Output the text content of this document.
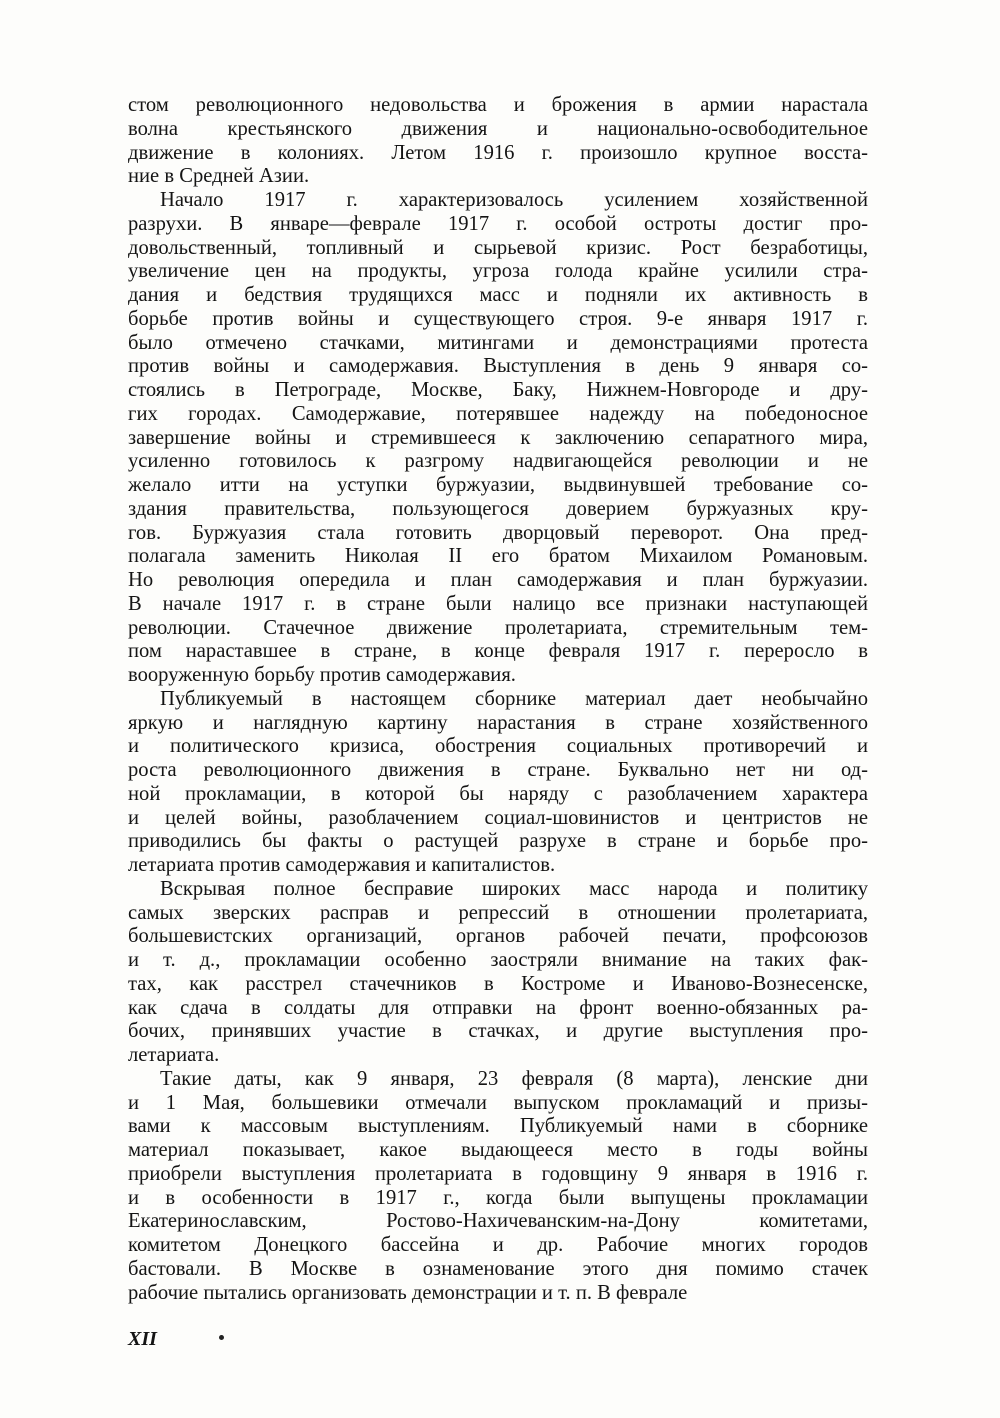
стом революционного недовольства и брожения в армии нарастала
волна крестьянского движения и национально-освободительное
движение в колониях. Летом 1916 г. произошло крупное восста-
ние в Средней Азии.
Начало 1917 г. характеризовалось усилением хозяйственной
разрухи. В январе—феврале 1917 г. особой остроты достиг про-
довольственный, топливный и сырьевой кризис. Рост безработицы,
увеличение цен на продукты, угроза голода крайне усилили стра-
дания и бедствия трудящихся масс и подняли их активность в
борьбе против войны и существующего строя. 9-е января 1917 г.
было отмечено стачками, митингами и демонстрациями протеста
против войны и самодержавия. Выступления в день 9 января со-
стоялись в Петрограде, Москве, Баку, Нижнем-Новгороде и дру-
гих городах. Самодержавие, потерявшее надежду на победоносное
завершение войны и стремившееся к заключению сепаратного мира,
усиленно готовилось к разгрому надвигающейся революции и не
желало итти на уступки буржуазии, выдвинувшей требование со-
здания правительства, пользующегося доверием буржуазных кру-
гов. Буржуазия стала готовить дворцовый переворот. Она пред-
полагала заменить Николая II его братом Михаилом Романовым.
Но революция опередила и план самодержавия и план буржуазии.
В начале 1917 г. в стране были налицо все признаки наступающей
революции. Стачечное движение пролетариата, стремительным тем-
пом нараставшее в стране, в конце февраля 1917 г. переросло в
вооруженную борьбу против самодержавия.
Публикуемый в настоящем сборнике материал дает необычайно
яркую и наглядную картину нарастания в стране хозяйственного
и политического кризиса, обострения социальных противоречий и
роста революционного движения в стране. Буквально нет ни од-
ной прокламации, в которой бы наряду с разоблачением характера
и целей войны, разоблачением социал-шовинистов и центристов не
приводились бы факты о растущей разрухе в стране и борьбе про-
летариата против самодержавия и капиталистов.
Вскрывая полное бесправие широких масс народа и политику
самых зверских расправ и репрессий в отношении пролетариата,
большевистских организаций, органов рабочей печати, профсоюзов
и т. д., прокламации особенно заостряли внимание на таких фак-
тах, как расстрел стачечников в Костроме и Иваново-Вознесенске,
как сдача в солдаты для отправки на фронт военно-обязанных ра-
бочих, принявших участие в стачках, и другие выступления про-
летариата.
Такие даты, как 9 января, 23 февраля (8 марта), ленские дни
и 1 Мая, большевики отмечали выпуском прокламаций и призы-
вами к массовым выступлениям. Публикуемый нами в сборнике
материал показывает, какое выдающееся место в годы войны
приобрели выступления пролетариата в годовщину 9 января в 1916 г.
и в особенности в 1917 г., когда были выпущены прокламации
Екатеринославским, Ростово-Нахичеванским-на-Дону комитетами,
комитетом Донецкого бассейна и др. Рабочие многих городов
бастовали. В Москве в ознаменование этого дня помимо стачек
рабочие пытались организовать демонстрации и т. п. В феврале
XII
